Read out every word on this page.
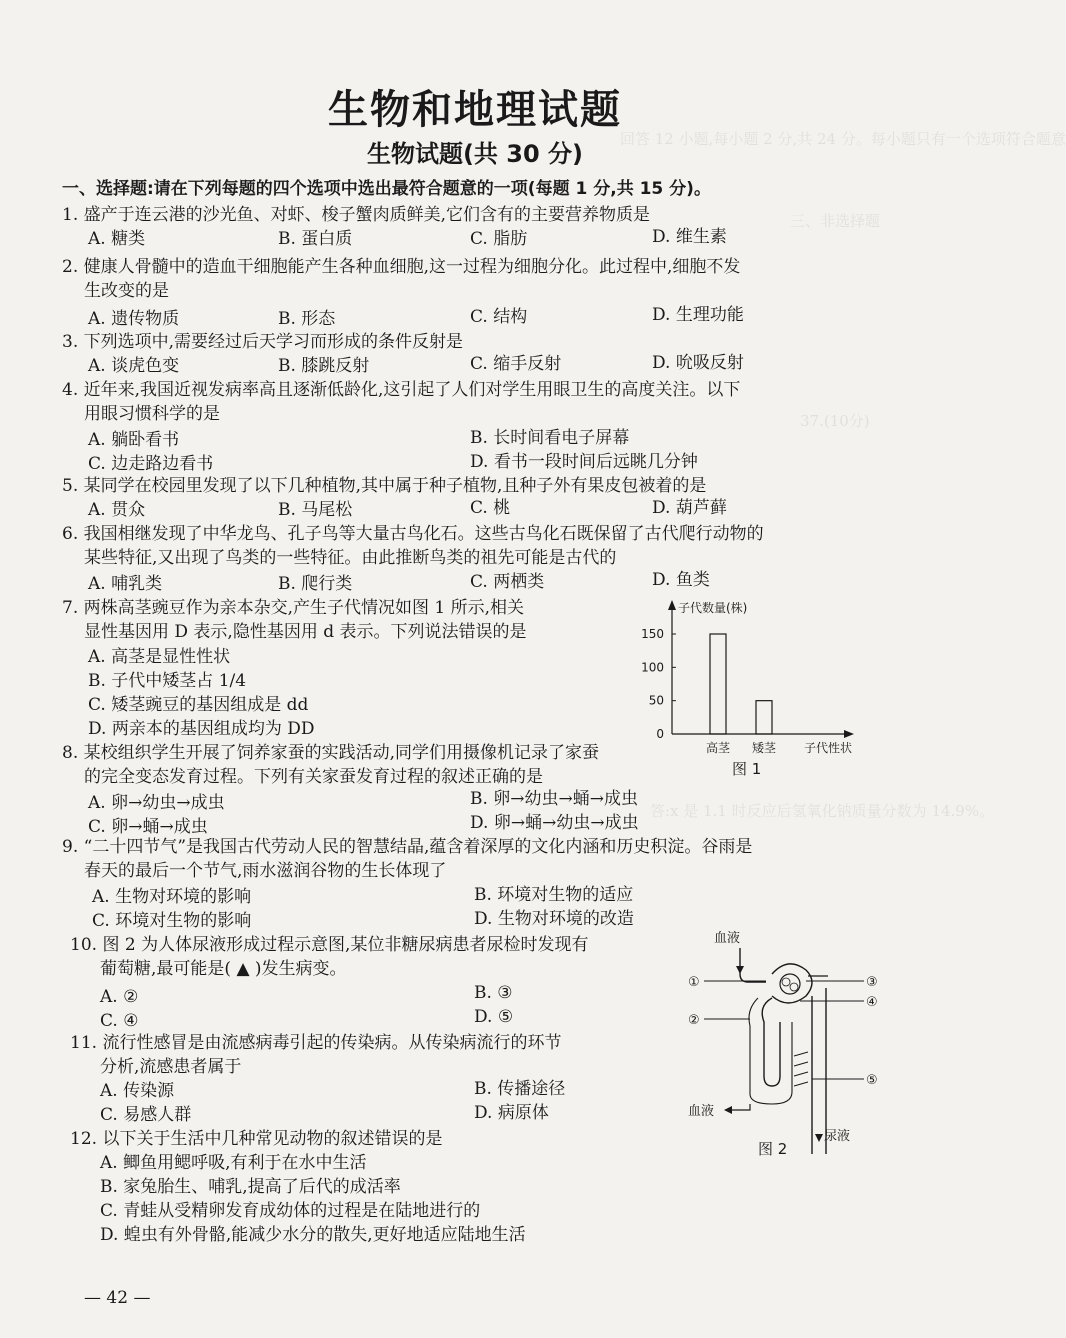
回答 12 小题,每小题 2 分,共 24 分。每小题只有一个选项符合题意
三、非选择题
37.(10分)
答:x 是 1.1 时反应后氢氧化钠质量分数为 14.9%。
生物和地理试题
生物试题(共 30 分)
一、选择题:请在下列每题的四个选项中选出最符合题意的一项(每题 1 分,共 15 分)。
1. 盛产于连云港的沙光鱼、对虾、梭子蟹肉质鲜美,它们含有的主要营养物质是
A. 糖类	B. 蛋白质	C. 脂肪	D. 维生素
2. 健康人骨髓中的造血干细胞能产生各种血细胞,这一过程为细胞分化。此过程中,细胞不发
生改变的是
A. 遗传物质	B. 形态	C. 结构	D. 生理功能
3. 下列选项中,需要经过后天学习而形成的条件反射是
A. 谈虎色变	B. 膝跳反射	C. 缩手反射	D. 吮吸反射
4. 近年来,我国近视发病率高且逐渐低龄化,这引起了人们对学生用眼卫生的高度关注。以下
用眼习惯科学的是
A. 躺卧看书	B. 长时间看电子屏幕
C. 边走路边看书	D. 看书一段时间后远眺几分钟
5. 某同学在校园里发现了以下几种植物,其中属于种子植物,且种子外有果皮包被着的是
A. 贯众	B. 马尾松	C. 桃	D. 葫芦藓
6. 我国相继发现了中华龙鸟、孔子鸟等大量古鸟化石。这些古鸟化石既保留了古代爬行动物的
某些特征,又出现了鸟类的一些特征。由此推断鸟类的祖先可能是古代的
A. 哺乳类	B. 爬行类	C. 两栖类	D. 鱼类
7. 两株高茎豌豆作为亲本杂交,产生子代情况如图 1 所示,相关
显性基因用 D 表示,隐性基因用 d 表示。下列说法错误的是
A. 高茎是显性性状
B. 子代中矮茎占 1/4
C. 矮茎豌豆的基因组成是 dd
D. 两亲本的基因组成均为 DD
子代数量(株)
0
50
100
150
高茎 矮茎 子代性状
图 1
8. 某校组织学生开展了饲养家蚕的实践活动,同学们用摄像机记录了家蚕
的完全变态发育过程。下列有关家蚕发育过程的叙述正确的是
A. 卵→幼虫→成虫	B. 卵→幼虫→蛹→成虫
C. 卵→蛹→成虫	D. 卵→蛹→幼虫→成虫
9. “二十四节气”是我国古代劳动人民的智慧结晶,蕴含着深厚的文化内涵和历史积淀。谷雨是
春天的最后一个节气,雨水滋润谷物的生长体现了
A. 生物对环境的影响	B. 环境对生物的适应
C. 环境对生物的影响	D. 生物对环境的改造
10. 图 2 为人体尿液形成过程示意图,某位非糖尿病患者尿检时发现有
葡萄糖,最可能是( ▲ )发生病变。
A. ②	B. ③
C. ④	D. ⑤
11. 流行性感冒是由流感病毒引起的传染病。从传染病流行的环节
分析,流感患者属于
A. 传染源	B. 传播途径
C. 易感人群	D. 病原体
12. 以下关于生活中几种常见动物的叙述错误的是
A. 鲫鱼用鳃呼吸,有利于在水中生活
B. 家兔胎生、哺乳,提高了后代的成活率
C. 青蛙从受精卵发育成幼体的过程是在陆地进行的
D. 蝗虫有外骨骼,能减少水分的散失,更好地适应陆地生活
血液
①	③
④
②
⑤
血液
尿液
图 2
— 42 —
